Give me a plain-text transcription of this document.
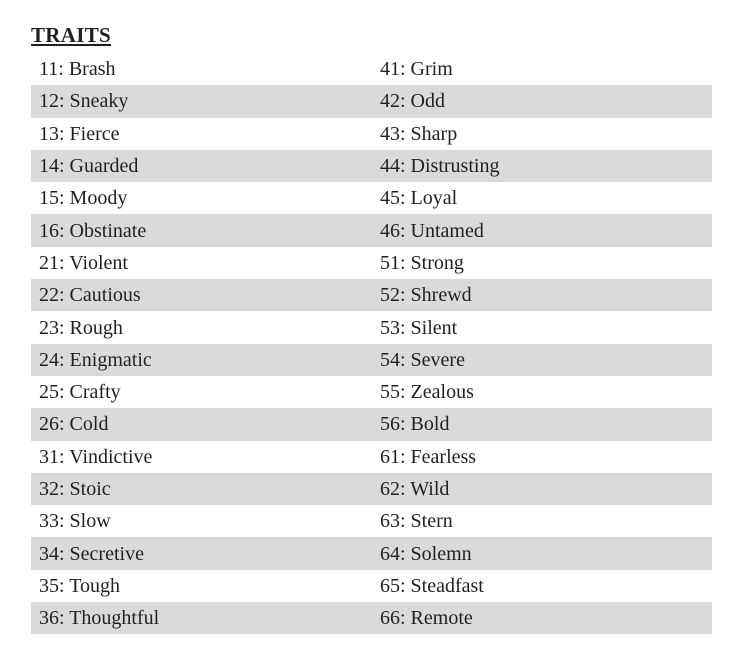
TRAITS
11: Brash	41: Grim
12: Sneaky	42: Odd
13: Fierce	43: Sharp
14: Guarded	44: Distrusting
15: Moody	45: Loyal
16: Obstinate	46: Untamed
21: Violent	51: Strong
22: Cautious	52: Shrewd
23: Rough	53: Silent
24: Enigmatic	54: Severe
25: Crafty	55: Zealous
26: Cold	56: Bold
31: Vindictive	61: Fearless
32: Stoic	62: Wild
33: Slow	63: Stern
34: Secretive	64: Solemn
35: Tough	65: Steadfast
36: Thoughtful	66: Remote
